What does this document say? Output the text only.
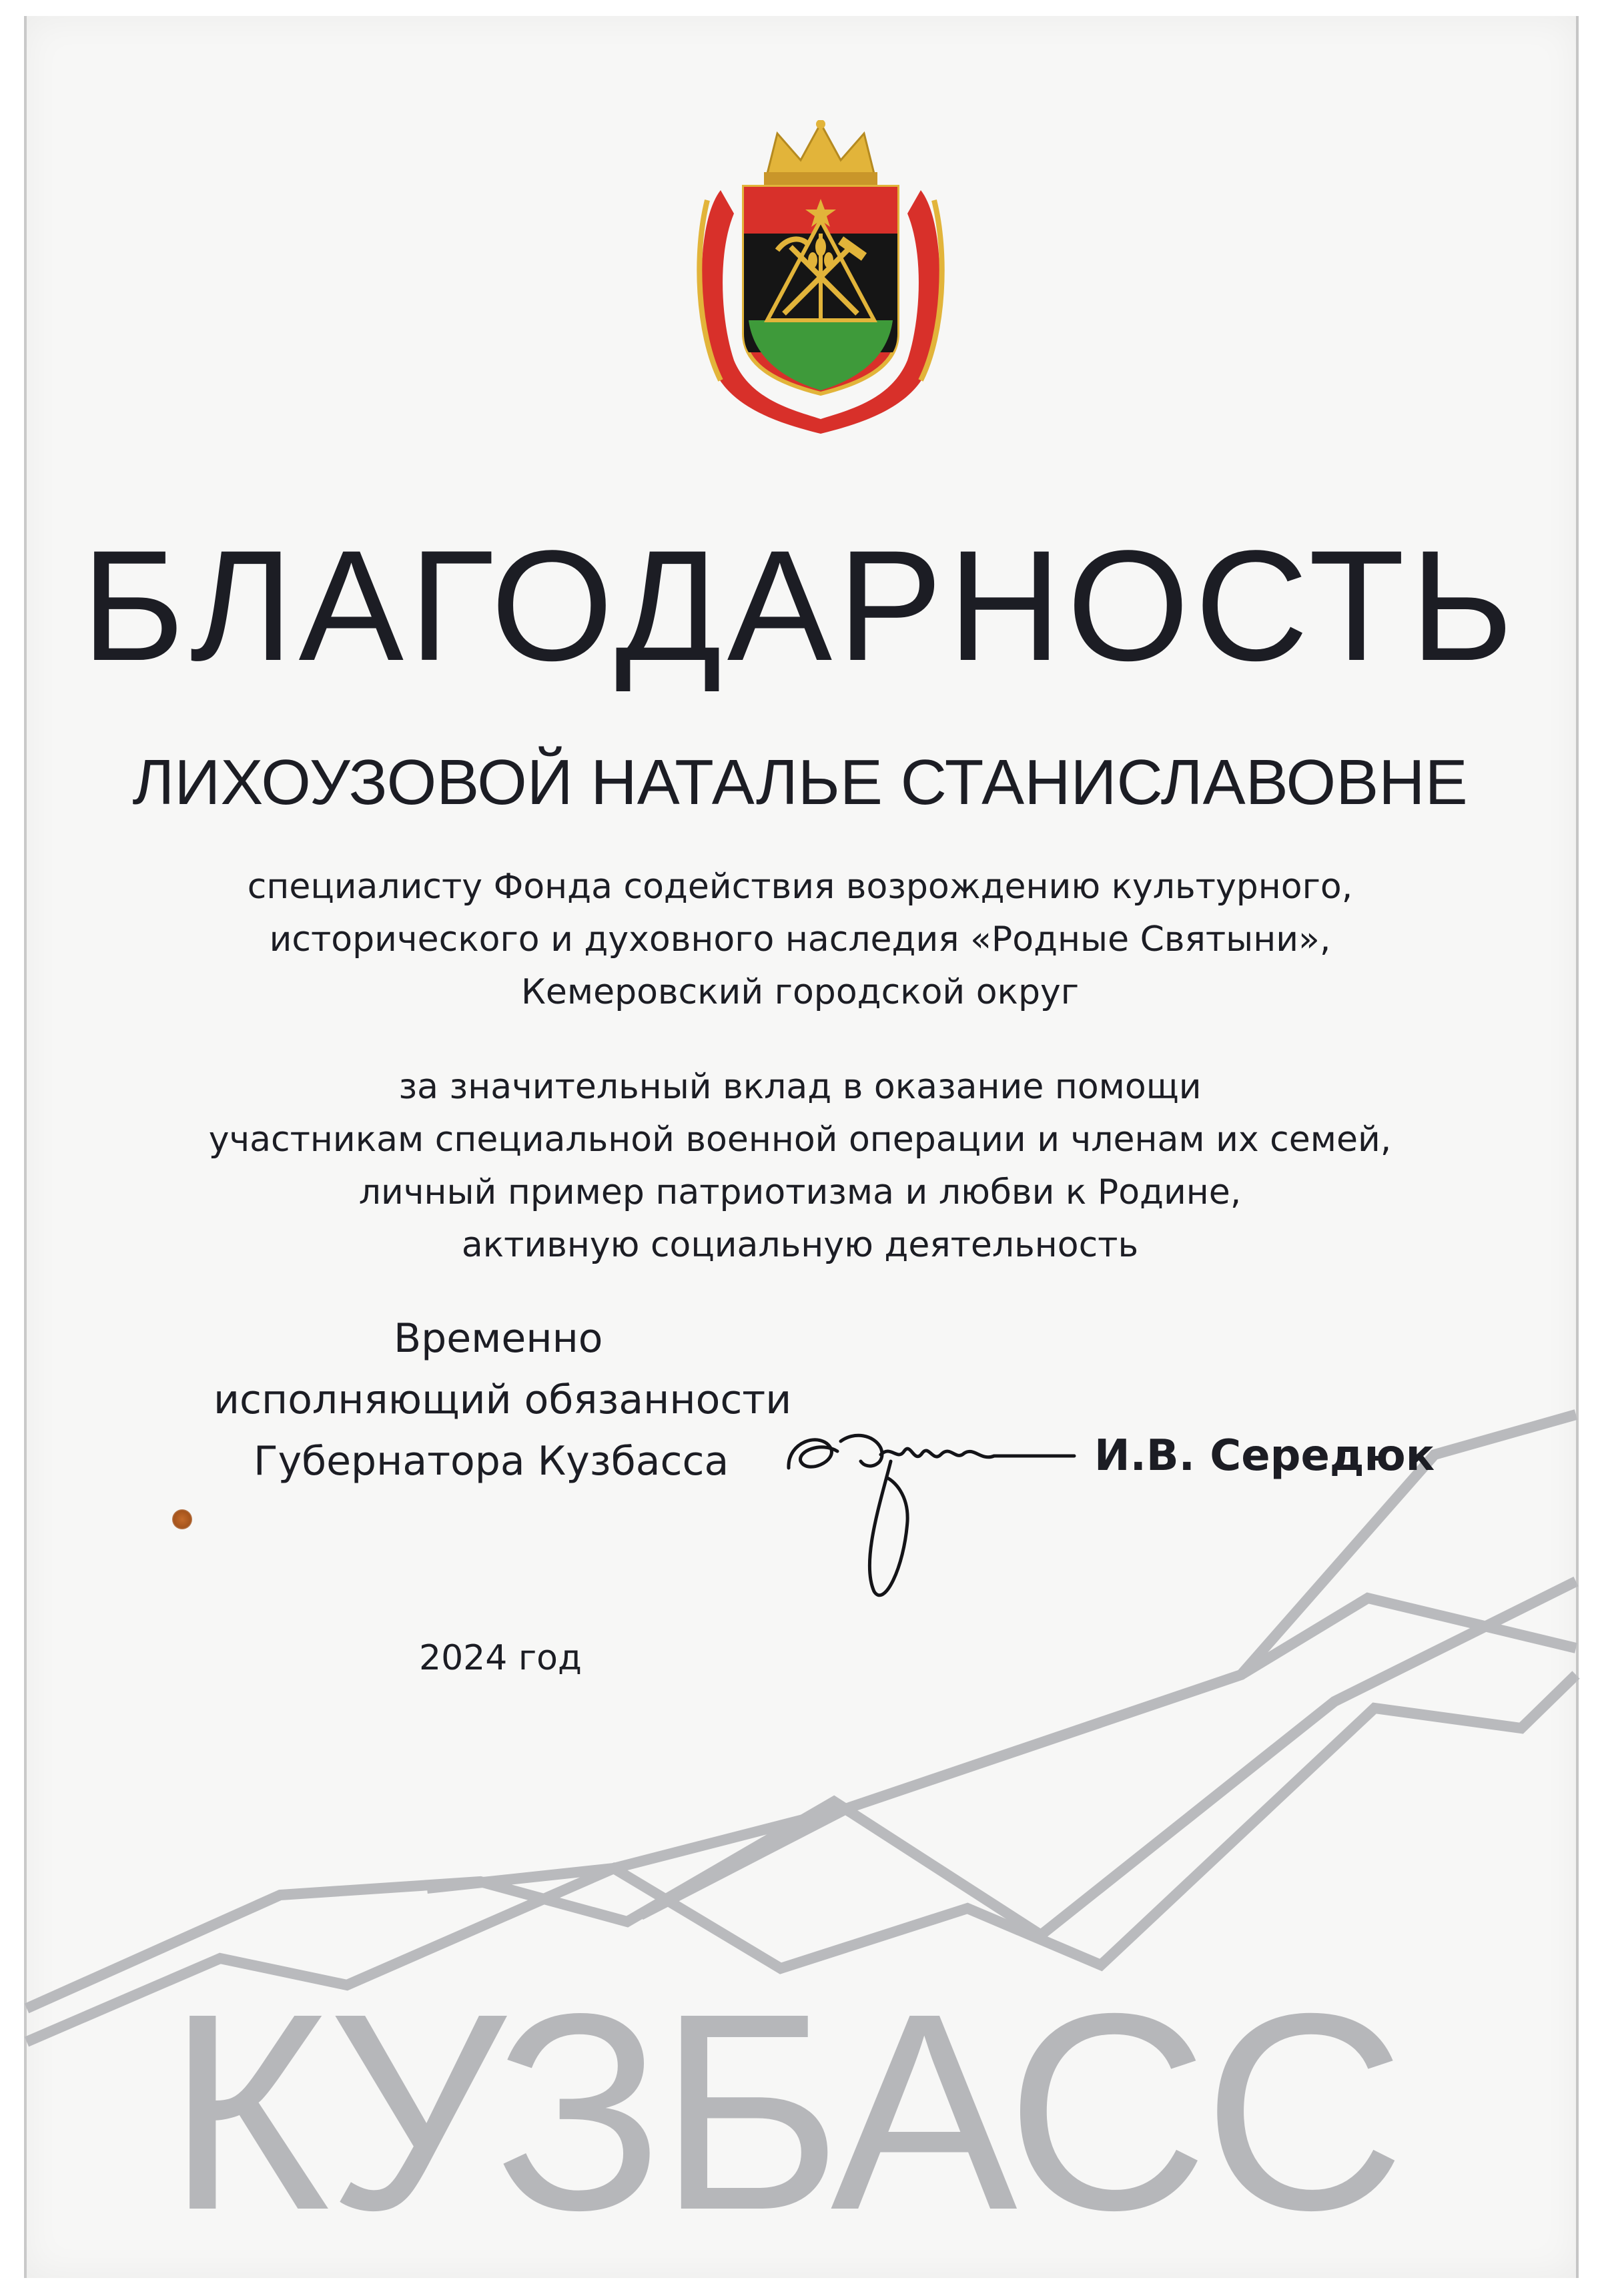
КУЗБАСС
БЛАГОДАРНОСТЬ
ЛИХОУЗОВОЙ НАТАЛЬЕ СТАНИСЛАВОВНЕ
специалисту Фонда содействия возрождению культурного,
исторического и духовного наследия «Родные Святыни»,
Кемеровский городской округ
за значительный вклад в оказание помощи
участникам специальной военной операции и членам их семей,
личный пример патриотизма и любви к Родине,
активную социальную деятельность
Временно
исполняющий обязанности
Губернатора Кузбасса	И.В. Середюк
2024 год
